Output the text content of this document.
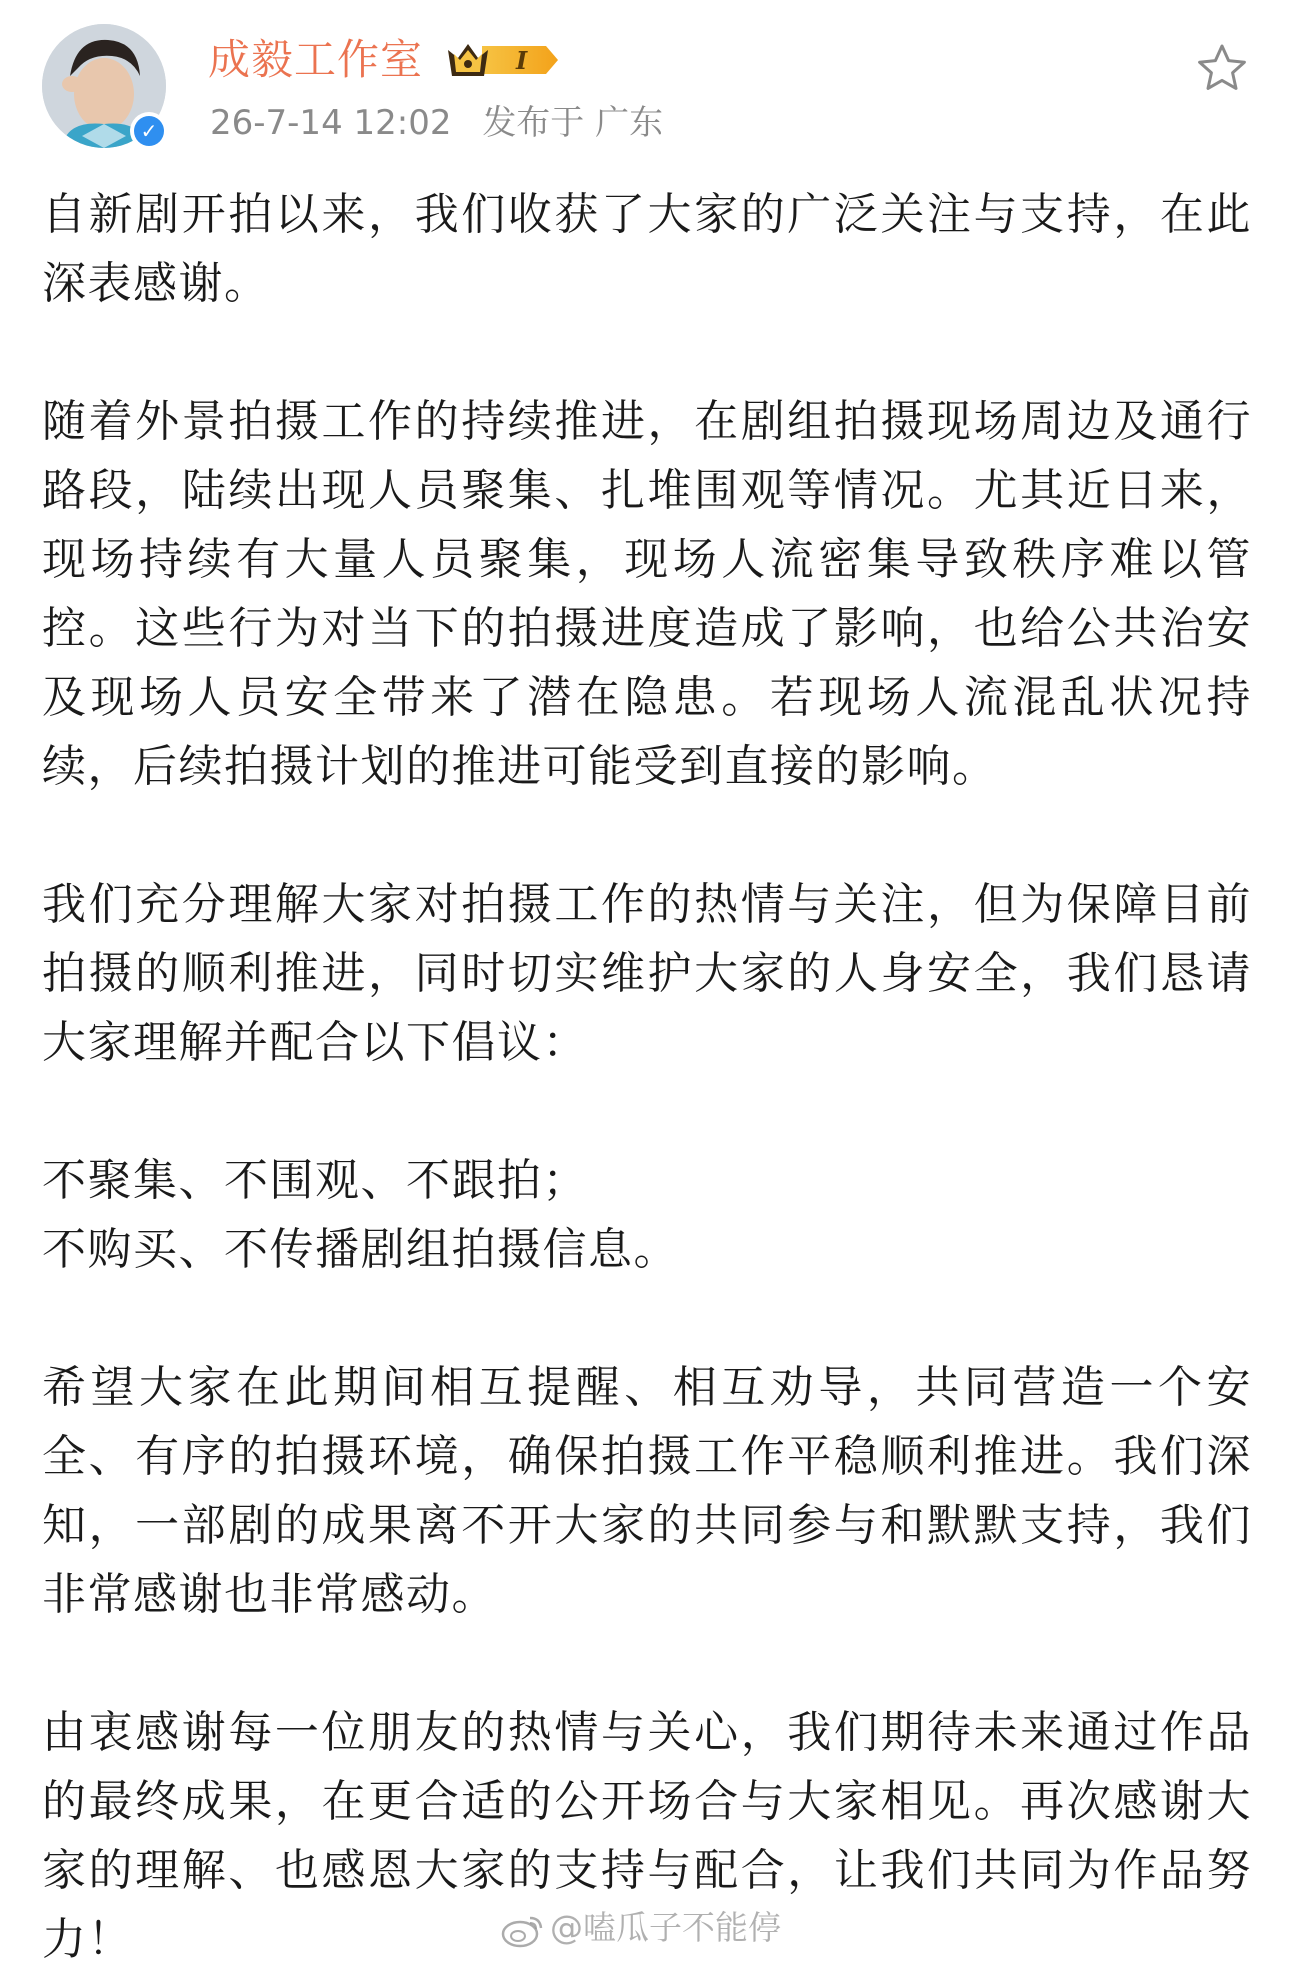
✓
成毅工作室	I
26-7-14 12:02 发布于 广东

自新剧开拍以来，我们收获了大家的广泛关注与支持，在此深表感谢。

随着外景拍摄工作的持续推进，在剧组拍摄现场周边及通行路段，陆续出现人员聚集、扎堆围观等情况。尤其近日来，现场持续有大量人员聚集，现场人流密集导致秩序难以管控。这些行为对当下的拍摄进度造成了影响，也给公共治安及现场人员安全带来了潜在隐患。若现场人流混乱状况持续，后续拍摄计划的推进可能受到直接的影响。

我们充分理解大家对拍摄工作的热情与关注，但为保障目前拍摄的顺利推进，同时切实维护大家的人身安全，我们恳请大家理解并配合以下倡议：

不聚集、不围观、不跟拍；
不购买、不传播剧组拍摄信息。

希望大家在此期间相互提醒、相互劝导，共同营造一个安全、有序的拍摄环境，确保拍摄工作平稳顺利推进。我们深知，一部剧的成果离不开大家的共同参与和默默支持，我们非常感谢也非常感动。

由衷感谢每一位朋友的热情与关心，我们期待未来通过作品的最终成果，在更合适的公开场合与大家相见。再次感谢大家的理解、也感恩大家的支持与配合，让我们共同为作品努力！	@嗑瓜子不能停
